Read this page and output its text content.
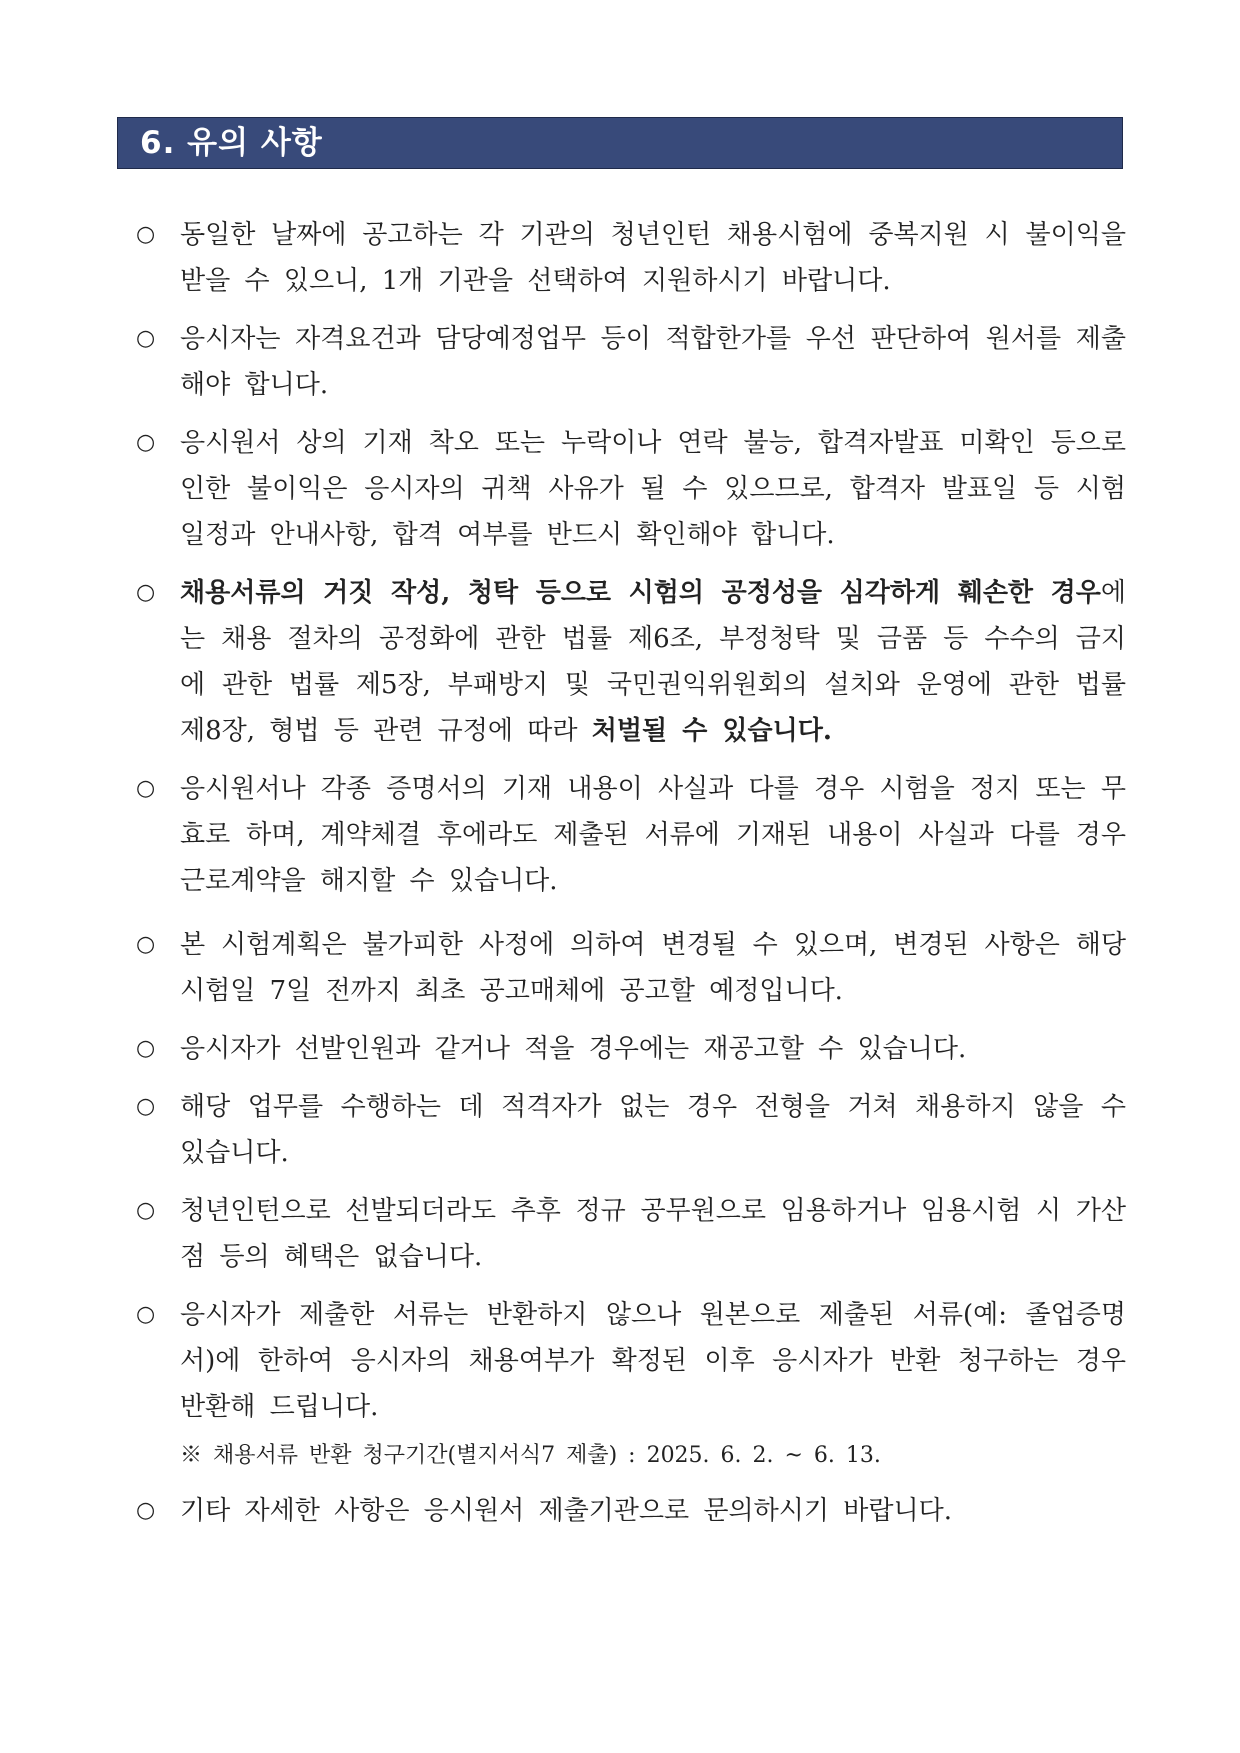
6. 유의 사항
○ 동일한 날짜에 공고하는 각 기관의 청년인턴 채용시험에 중복지원 시 불이익을 받을 수 있으니, 1개 기관을 선택하여 지원하시기 바랍니다.
○ 응시자는 자격요건과 담당예정업무 등이 적합한가를 우선 판단하여 원서를 제출해야 합니다.
○ 응시원서 상의 기재 착오 또는 누락이나 연락 불능, 합격자발표 미확인 등으로 인한 불이익은 응시자의 귀책 사유가 될 수 있으므로, 합격자 발표일 등 시험 일정과 안내사항, 합격 여부를 반드시 확인해야 합니다.
○ 채용서류의 거짓 작성, 청탁 등으로 시험의 공정성을 심각하게 훼손한 경우에는 채용 절차의 공정화에 관한 법률 제6조, 부정청탁 및 금품 등 수수의 금지에 관한 법률 제5장, 부패방지 및 국민권익위원회의 설치와 운영에 관한 법률 제8장, 형법 등 관련 규정에 따라 처벌될 수 있습니다.
○ 응시원서나 각종 증명서의 기재 내용이 사실과 다를 경우 시험을 정지 또는 무효로 하며, 계약체결 후에라도 제출된 서류에 기재된 내용이 사실과 다를 경우 근로계약을 해지할 수 있습니다.
○ 본 시험계획은 불가피한 사정에 의하여 변경될 수 있으며, 변경된 사항은 해당 시험일 7일 전까지 최초 공고매체에 공고할 예정입니다.
○ 응시자가 선발인원과 같거나 적을 경우에는 재공고할 수 있습니다.
○ 해당 업무를 수행하는 데 적격자가 없는 경우 전형을 거쳐 채용하지 않을 수 있습니다.
○ 청년인턴으로 선발되더라도 추후 정규 공무원으로 임용하거나 임용시험 시 가산점 등의 혜택은 없습니다.
○ 응시자가 제출한 서류는 반환하지 않으나 원본으로 제출된 서류(예: 졸업증명서)에 한하여 응시자의 채용여부가 확정된 이후 응시자가 반환 청구하는 경우 반환해 드립니다.
※ 채용서류 반환 청구기간(별지서식7 제출) : 2025. 6. 2. ~ 6. 13.
○ 기타 자세한 사항은 응시원서 제출기관으로 문의하시기 바랍니다.
